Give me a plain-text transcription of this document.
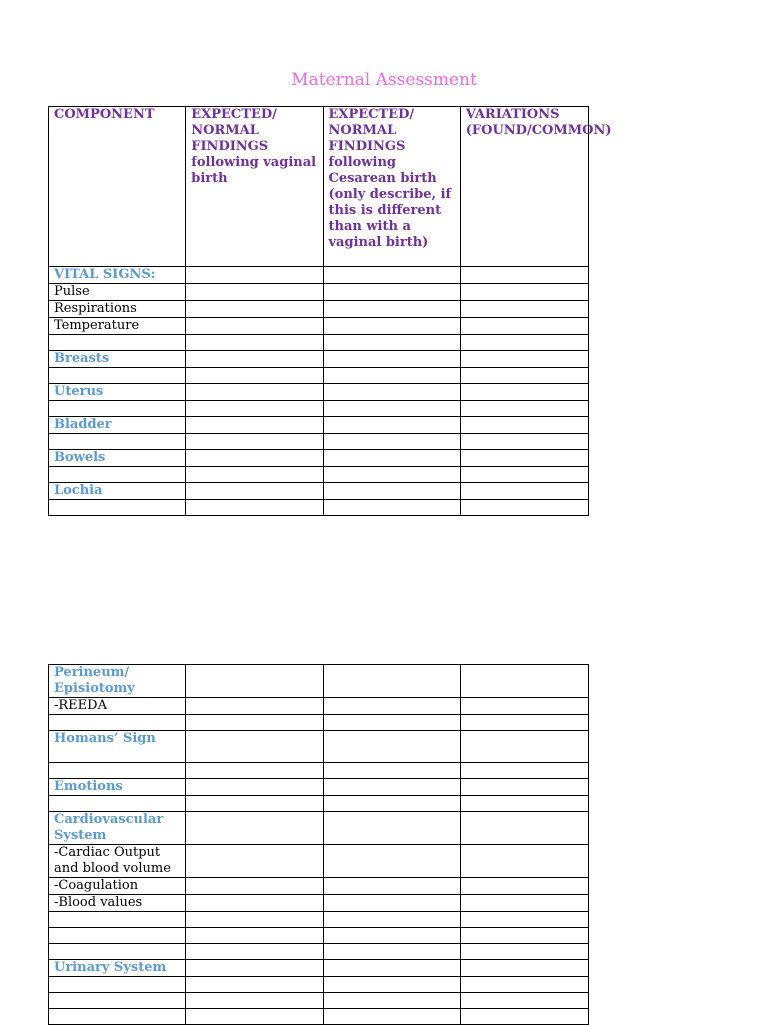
Maternal Assessment
COMPONENT	EXPECTED/ NORMAL FINDINGS following vaginal birth	EXPECTED/ NORMAL FINDINGS following Cesarean birth (only describe, if this is different than with a vaginal birth)	VARIATIONS (FOUND/COMMON)
VITAL SIGNS:			
Pulse			
Respirations			
Temperature			

Breasts			

Uterus			

Bladder			

Bowels			

Lochia			

Perineum/ Episiotomy			
-REEDA			

Homans’ Sign			

Emotions			

Cardiovascular System			
-Cardiac Output and blood volume			
-Coagulation			
-Blood values			

Urinary System			
